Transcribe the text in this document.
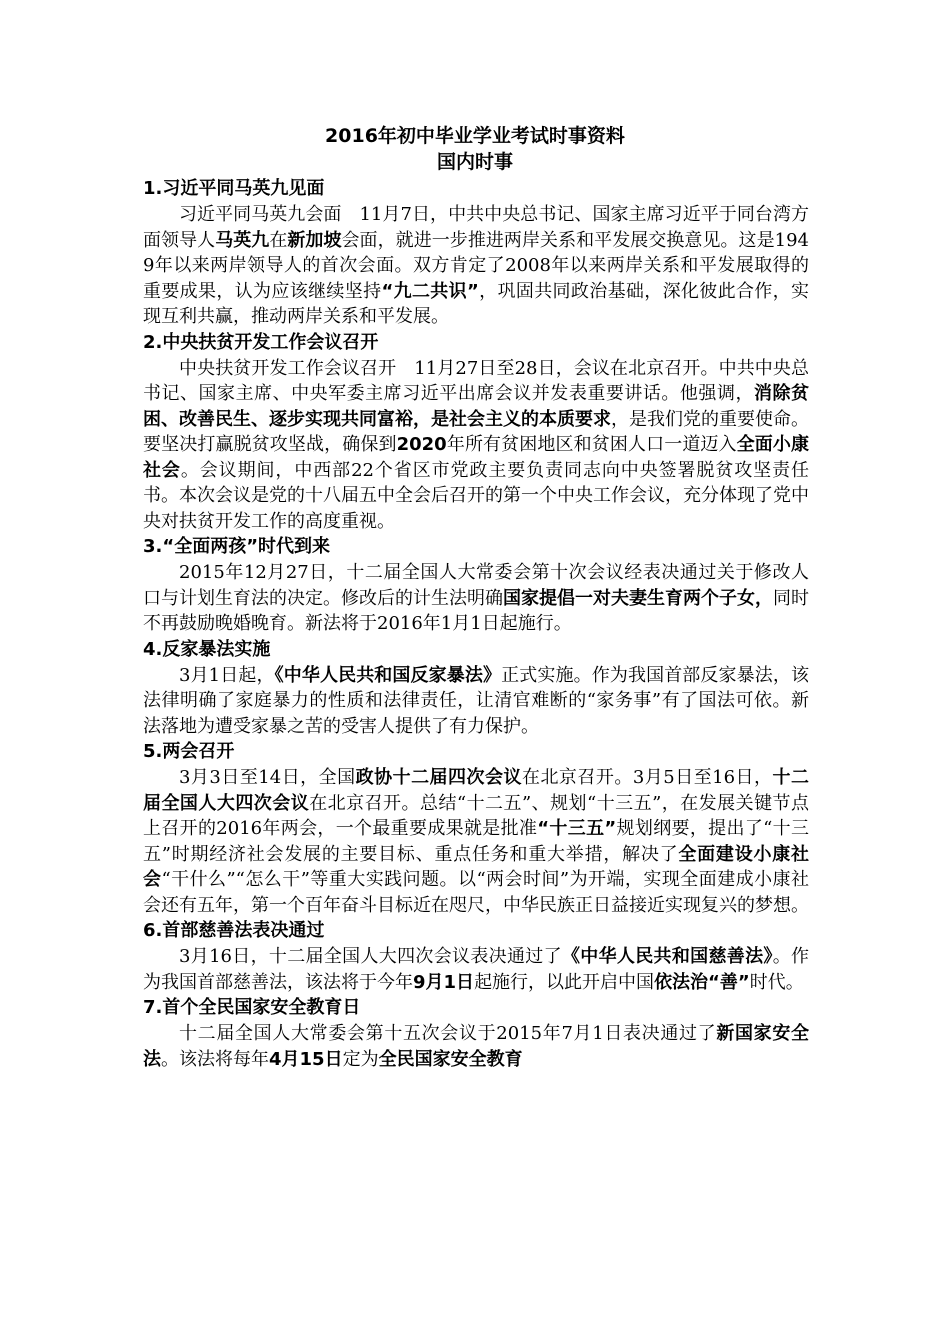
2016年初中毕业学业考试时事资料
国内时事
1.习近平同马英九见面

习近平同马英九会面　11月7日，中共中央总书记、国家主席习近平于同台湾方面领导人马英九在新加坡会面，就进一步推进两岸关系和平发展交换意见。这是1949年以来两岸领导人的首次会面。双方肯定了2008年以来两岸关系和平发展取得的重要成果，认为应该继续坚持“九二共识”，巩固共同政治基础，深化彼此合作，实现互利共赢，推动两岸关系和平发展。

2.中央扶贫开发工作会议召开

中央扶贫开发工作会议召开　11月27日至28日，会议在北京召开。中共中央总书记、国家主席、中央军委主席习近平出席会议并发表重要讲话。他强调，消除贫困、改善民生、逐步实现共同富裕，是社会主义的本质要求，是我们党的重要使命。要坚决打赢脱贫攻坚战，确保到2020年所有贫困地区和贫困人口一道迈入全面小康社会。会议期间，中西部22个省区市党政主要负责同志向中央签署脱贫攻坚责任书。本次会议是党的十八届五中全会后召开的第一个中央工作会议，充分体现了党中央对扶贫开发工作的高度重视。

3.“全面两孩”时代到来

2015年12月27日，十二届全国人大常委会第十次会议经表决通过关于修改人口与计划生育法的决定。修改后的计生法明确国家提倡一对夫妻生育两个子女，同时不再鼓励晚婚晚育。新法将于2016年1月1日起施行。

4.反家暴法实施

3月1日起，《中华人民共和国反家暴法》正式实施。作为我国首部反家暴法，该法律明确了家庭暴力的性质和法律责任，让清官难断的“家务事”有了国法可依。新法落地为遭受家暴之苦的受害人提供了有力保护。

5.两会召开

3月3日至14日，全国政协十二届四次会议在北京召开。3月5日至16日，十二届全国人大四次会议在北京召开。总结“十二五”、规划“十三五”，在发展关键节点上召开的2016年两会，一个最重要成果就是批准“十三五”规划纲要，提出了“十三五”时期经济社会发展的主要目标、重点任务和重大举措，解决了全面建设小康社会“干什么”“怎么干”等重大实践问题。以“两会时间”为开端，实现全面建成小康社会还有五年，第一个百年奋斗目标近在咫尺，中华民族正日益接近实现复兴的梦想。

6.首部慈善法表决通过

3月16日，十二届全国人大四次会议表决通过了《中华人民共和国慈善法》。作为我国首部慈善法，该法将于今年9月1日起施行，以此开启中国依法治“善”时代。

7.首个全民国家安全教育日

十二届全国人大常委会第十五次会议于2015年7月1日表决通过了新国家安全法。该法将每年4月15日定为全民国家安全教育
